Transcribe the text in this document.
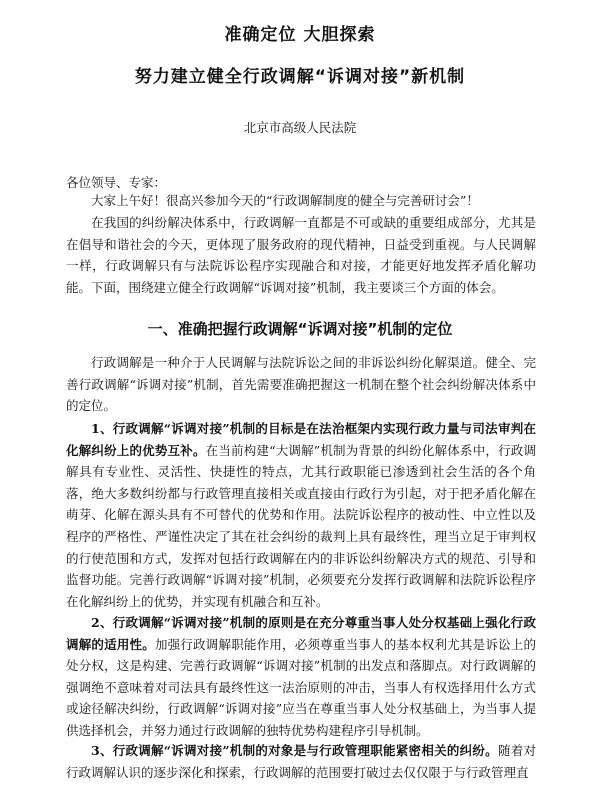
准确定位 大胆探索
努力建立健全行政调解“诉调对接”新机制
北京市高级人民法院
各位领导、专家：

大家上午好！很高兴参加今天的“行政调解制度的健全与完善研讨会”！

在我国的纠纷解决体系中，行政调解一直都是不可或缺的重要组成部分，尤其是在倡导和谐社会的今天，更体现了服务政府的现代精神，日益受到重视。与人民调解一样，行政调解只有与法院诉讼程序实现融合和对接，才能更好地发挥矛盾化解功能。下面，围绕建立健全行政调解“诉调对接”机制，我主要谈三个方面的体会。

一、准确把握行政调解“诉调对接”机制的定位

行政调解是一种介于人民调解与法院诉讼之间的非诉讼纠纷化解渠道。健全、完善行政调解“诉调对接”机制，首先需要准确把握这一机制在整个社会纠纷解决体系中的定位。

1、行政调解“诉调对接”机制的目标是在法治框架内实现行政力量与司法审判在化解纠纷上的优势互补。在当前构建“大调解”机制为背景的纠纷化解体系中，行政调解具有专业性、灵活性、快捷性的特点，尤其行政职能已渗透到社会生活的各个角落，绝大多数纠纷都与行政管理直接相关或直接由行政行为引起，对于把矛盾化解在萌芽、化解在源头具有不可替代的优势和作用。法院诉讼程序的被动性、中立性以及程序的严格性、严谨性决定了其在社会纠纷的裁判上具有最终性，理当立足于审判权的行使范围和方式，发挥对包括行政调解在内的非诉讼纠纷解决方式的规范、引导和监督功能。完善行政调解“诉调对接”机制，必须要充分发挥行政调解和法院诉讼程序在化解纠纷上的优势，并实现有机融合和互补。

2、行政调解“诉调对接”机制的原则是在充分尊重当事人处分权基础上强化行政调解的适用性。加强行政调解职能作用，必须尊重当事人的基本权利尤其是诉讼上的处分权，这是构建、完善行政调解“诉调对接”机制的出发点和落脚点。对行政调解的强调绝不意味着对司法具有最终性这一法治原则的冲击，当事人有权选择用什么方式或途径解决纠纷，行政调解“诉调对接”应当在尊重当事人处分权基础上，为当事人提供选择机会，并努力通过行政调解的独特优势构建程序引导机制。

3、行政调解“诉调对接”机制的对象是与行政管理职能紧密相关的纠纷。随着对行政调解认识的逐步深化和探索，行政调解的范围要打破过去仅仅限于与行政管理直
